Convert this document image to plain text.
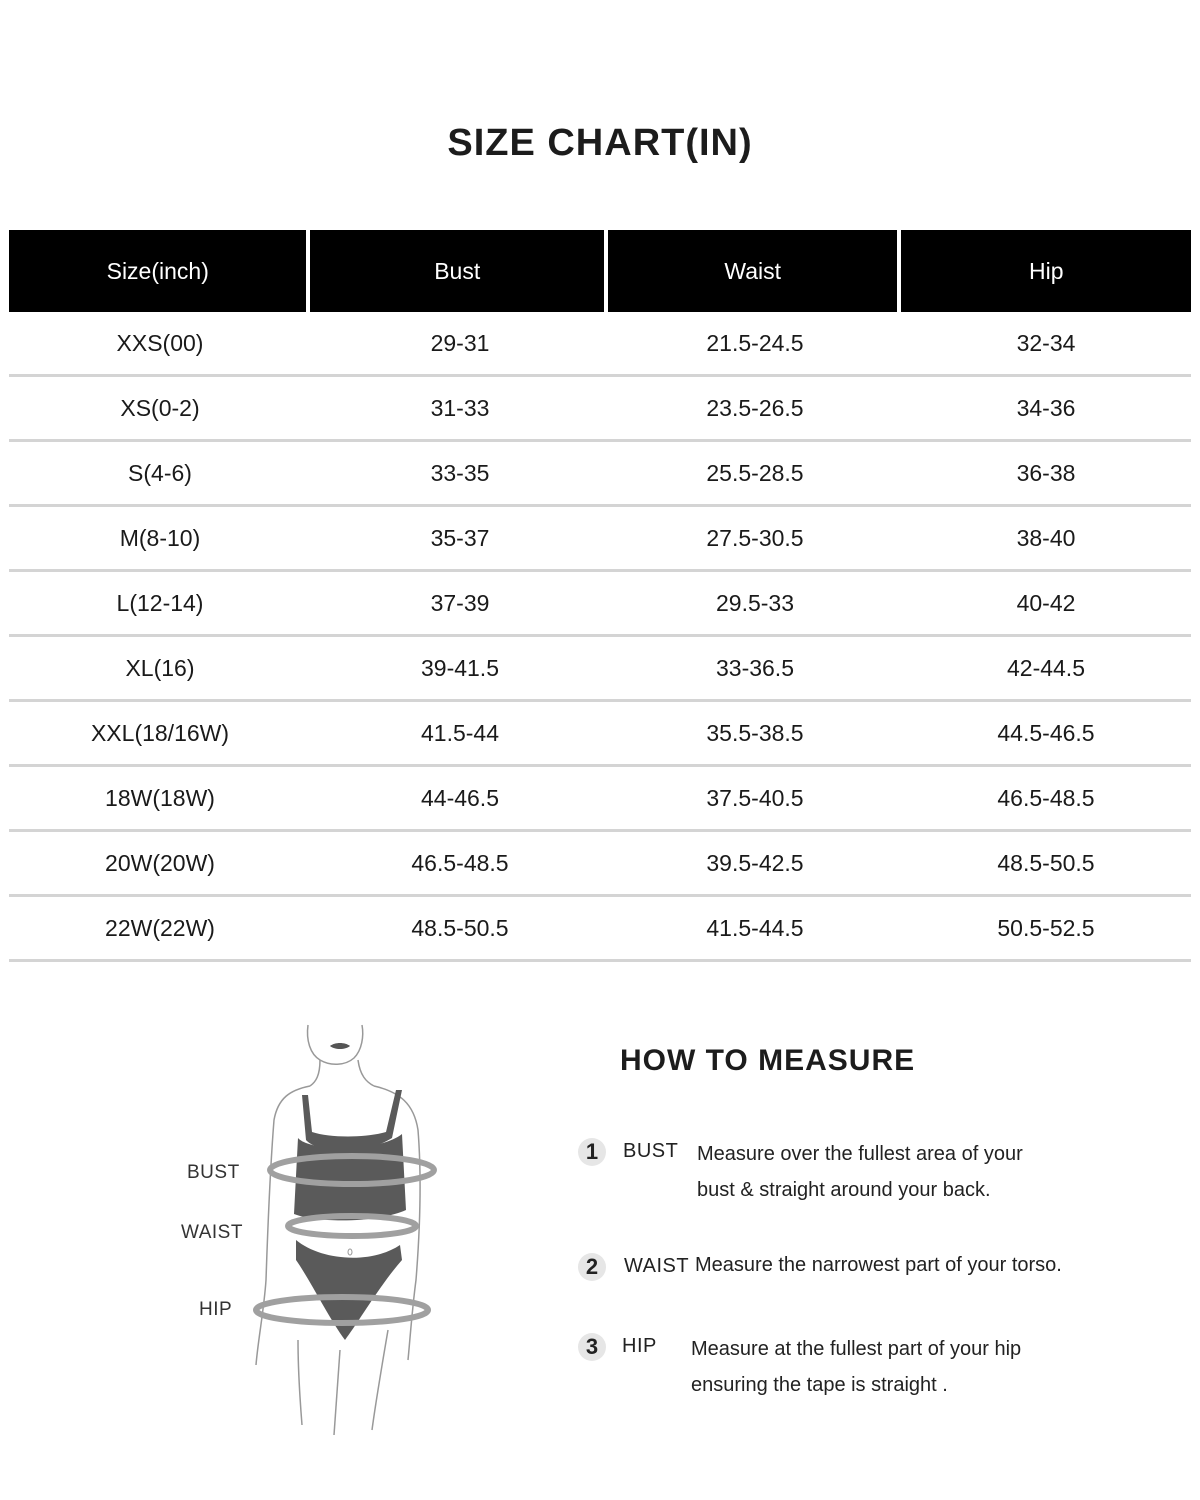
SIZE CHART(IN)
Size(inch)	Bust	Waist	Hip
XXS(00)	29-31	21.5-24.5	32-34
XS(0-2)	31-33	23.5-26.5	34-36
S(4-6)	33-35	25.5-28.5	36-38
M(8-10)	35-37	27.5-30.5	38-40
L(12-14)	37-39	29.5-33	40-42
XL(16)	39-41.5	33-36.5	42-44.5
XXL(18/16W)	41.5-44	35.5-38.5	44.5-46.5
18W(18W)	44-46.5	37.5-40.5	46.5-48.5
20W(20W)	46.5-48.5	39.5-42.5	48.5-50.5
22W(22W)	48.5-50.5	41.5-44.5	50.5-52.5
BUST
WAIST
HIP
HOW TO MEASURE
1	BUST Measure over the fullest area of your
bust & straight around your back.
2	WAIST Measure the narrowest part of your torso.
3	HIP Measure at the fullest part of your hip
ensuring the tape is straight .
